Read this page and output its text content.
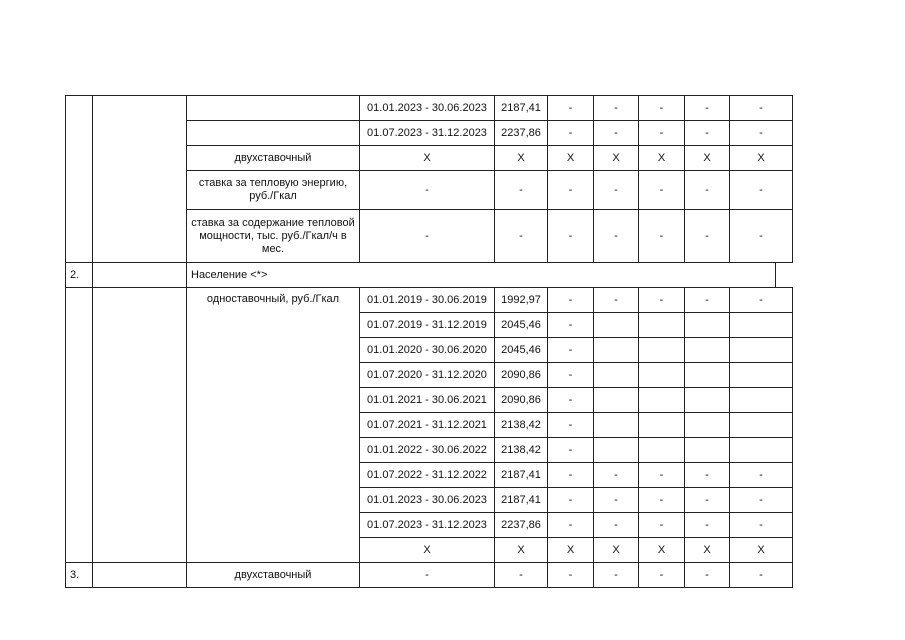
			01.01.2023 - 30.06.2023	2187,41	-	-	-	-	-	
			01.07.2023 - 31.12.2023	2237,86	-	-	-	-	-	
		двухставочный	X	X	X	X	X	X	X	
		ставка за тепловую энергию, руб./Гкал	-	-	-	-	-	-	-	
		ставка за содержание тепловой мощности, тыс. руб./Гкал/ч в мес.	-	-	-	-	-	-	-	
2.		Население <*>								
		одноставочный, руб./Гкал	01.01.2019 - 30.06.2019	1992,97	-	-	-	-	-	
			01.07.2019 - 31.12.2019	2045,46	-					
			01.01.2020 - 30.06.2020	2045,46	-					
			01.07.2020 - 31.12.2020	2090,86	-					
			01.01.2021 - 30.06.2021	2090,86	-					
			01.07.2021 - 31.12.2021	2138,42	-					
			01.01.2022 - 30.06.2022	2138,42	-					
			01.07.2022 - 31.12.2022	2187,41	-	-	-	-	-	
			01.01.2023 - 30.06.2023	2187,41	-	-	-	-	-	
			01.07.2023 - 31.12.2023	2237,86	-	-	-	-	-	
			X	X	X	X	X	X	X	
3.		двухставочный	-	-	-	-	-	-	-	
